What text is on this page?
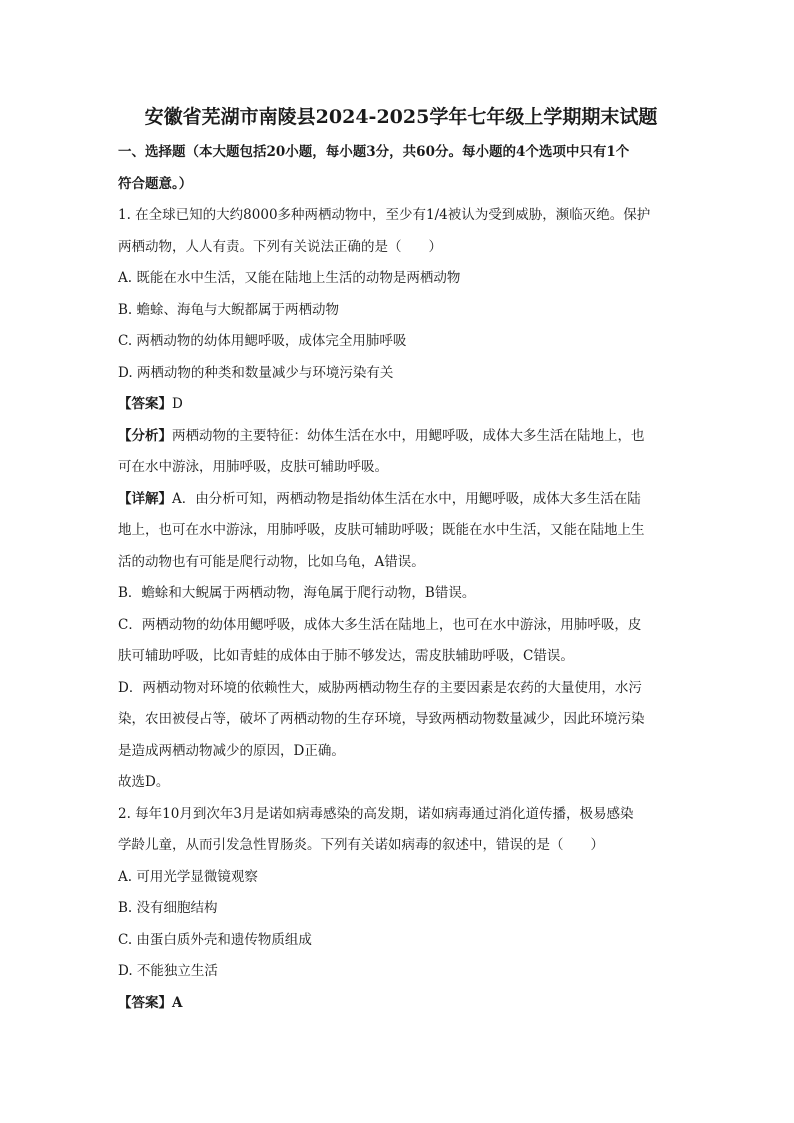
安徽省芜湖市南陵县2024-2025学年七年级上学期期末试题

一、选择题（本大题包括20小题，每小题3分，共60分。每小题的4个选项中只有1个

符合题意。）

1. 在全球已知的大约8000多种两栖动物中，至少有1/4被认为受到威胁，濒临灭绝。保护

两栖动物，人人有责。下列有关说法正确的是（　　）

A. 既能在水中生活，又能在陆地上生活的动物是两栖动物

B. 蟾蜍、海龟与大鲵都属于两栖动物

C. 两栖动物的幼体用鳃呼吸，成体完全用肺呼吸

D. 两栖动物的种类和数量减少与环境污染有关

【答案】D

【分析】两栖动物的主要特征：幼体生活在水中，用鳃呼吸，成体大多生活在陆地上，也

可在水中游泳，用肺呼吸，皮肤可辅助呼吸。

【详解】A．由分析可知，两栖动物是指幼体生活在水中，用鳃呼吸，成体大多生活在陆

地上，也可在水中游泳，用肺呼吸，皮肤可辅助呼吸；既能在水中生活，又能在陆地上生

活的动物也有可能是爬行动物，比如乌龟，A错误。

B．蟾蜍和大鲵属于两栖动物，海龟属于爬行动物，B错误。

C．两栖动物的幼体用鳃呼吸，成体大多生活在陆地上，也可在水中游泳，用肺呼吸，皮

肤可辅助呼吸，比如青蛙的成体由于肺不够发达，需皮肤辅助呼吸，C错误。

D．两栖动物对环境的依赖性大，威胁两栖动物生存的主要因素是农药的大量使用，水污

染，农田被侵占等，破坏了两栖动物的生存环境，导致两栖动物数量减少，因此环境污染

是造成两栖动物减少的原因，D正确。

故选D。

2. 每年10月到次年3月是诺如病毒感染的高发期，诺如病毒通过消化道传播，极易感染

学龄儿童，从而引发急性胃肠炎。下列有关诺如病毒的叙述中，错误的是（　　）

A. 可用光学显微镜观察

B. 没有细胞结构

C. 由蛋白质外壳和遗传物质组成

D. 不能独立生活

【答案】A
